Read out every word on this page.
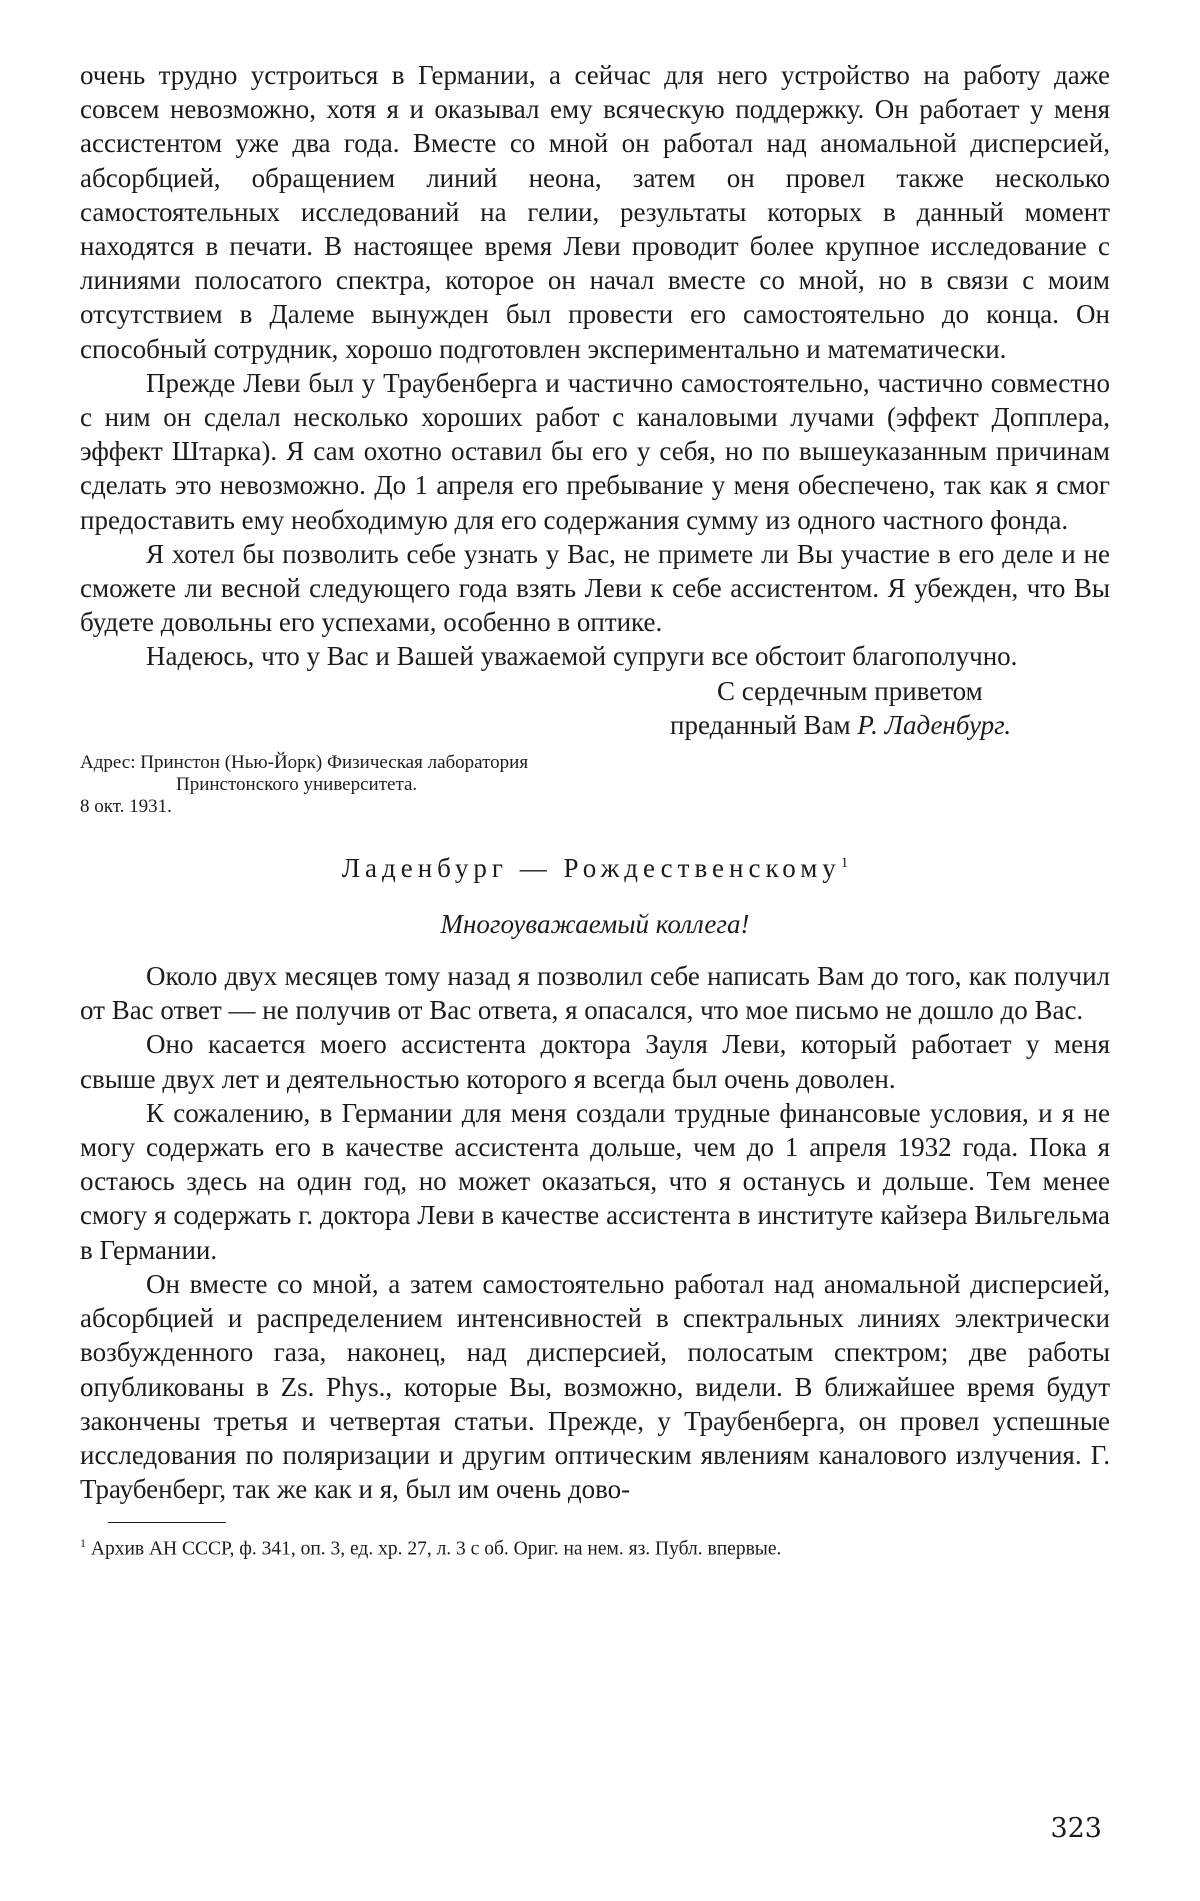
очень трудно устроиться в Германии, а сейчас для него устройство на работу даже совсем невозможно, хотя я и оказывал ему всяческую поддержку. Он работает у меня ассистентом уже два года. Вместе со мной он работал над аномальной дисперсией, абсорбцией, обращением линий неона, затем он провел также несколько самостоятельных исследований на гелии, результаты которых в данный момент находятся в печати. В настоящее время Леви проводит более крупное исследование с линиями полосатого спектра, которое он начал вместе со мной, но в связи с моим отсутствием в Далеме вынужден был провести его самостоятельно до конца. Он способный сотрудник, хорошо подготовлен экспериментально и математически.

Прежде Леви был у Траубенберга и частично самостоятельно, частично совместно с ним он сделал несколько хороших работ с каналовыми лучами (эффект Допплера, эффект Штарка). Я сам охотно оставил бы его у себя, но по вышеуказанным причинам сделать это невозможно. До 1 апреля его пребывание у меня обеспечено, так как я смог предоставить ему необходимую для его содержания сумму из одного частного фонда.

Я хотел бы позволить себе узнать у Вас, не примете ли Вы участие в его деле и не сможете ли весной следующего года взять Леви к себе ассистентом. Я убежден, что Вы будете довольны его успехами, особенно в оптике.

Надеюсь, что у Вас и Вашей уважаемой супруги все обстоит благополучно.

С сердечным приветом
преданный Вам Р. Ладенбург.
Адрес: Принстон (Нью-Йорк) Физическая лаборатория
Принстонского университета.
8 окт. 1931.
Ладенбург — Рождественскому$^1$
Многоуважаемый коллега!

Около двух месяцев тому назад я позволил себе написать Вам до того, как получил от Вас ответ — не получив от Вас ответа, я опасался, что мое письмо не дошло до Вас.

Оно касается моего ассистента доктора Зауля Леви, который работает у меня свыше двух лет и деятельностью которого я всегда был очень доволен.

К сожалению, в Германии для меня создали трудные финансовые условия, и я не могу содержать его в качестве ассистента дольше, чем до 1 апреля 1932 года. Пока я остаюсь здесь на один год, но может оказаться, что я останусь и дольше. Тем менее смогу я содержать г. доктора Леви в качестве ассистента в институте кайзера Вильгельма в Германии.

Он вместе со мной, а затем самостоятельно работал над аномальной дисперсией, абсорбцией и распределением интенсивностей в спектральных линиях электрически возбужденного газа, наконец, над дисперсией, полосатым спектром; две работы опубликованы в Zs. Phys., которые Вы, возможно, видели. В ближайшее время будут закончены третья и четвертая статьи. Прежде, у Траубенберга, он провел успешные исследования по поляризации и другим оптическим явлениям каналового излучения. Г. Траубенберг, так же как и я, был им очень дово-

$^1$ Архив АН СССР, ф. 341, оп. 3, ед. хр. 27, л. 3 с об. Ориг. на нем. яз. Публ. впервые.
323
